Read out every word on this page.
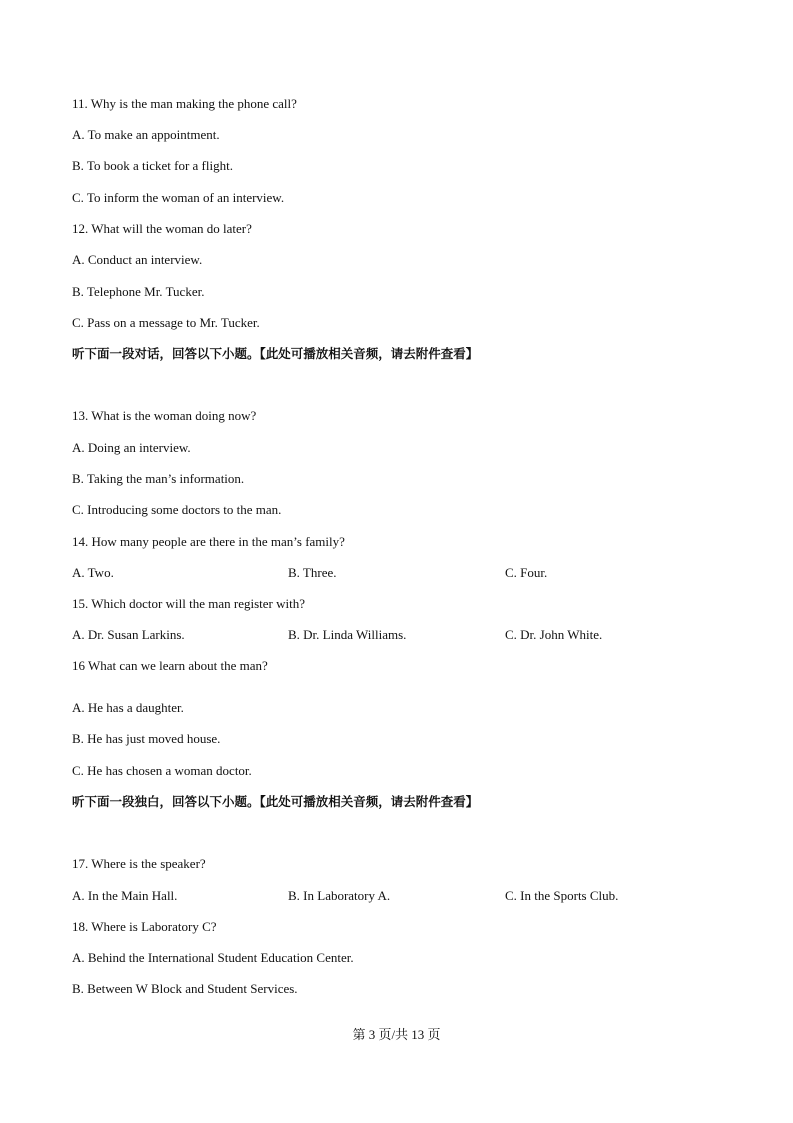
11. Why is the man making the phone call?
A. To make an appointment.
B. To book a ticket for a flight.
C. To inform the woman of an interview.
12. What will the woman do later?
A. Conduct an interview.
B. Telephone Mr. Tucker.
C. Pass on a message to Mr. Tucker.
听下面一段对话，回答以下小题。【此处可播放相关音频，请去附件查看】
13. What is the woman doing now?
A. Doing an interview.
B. Taking the man’s information.
C. Introducing some doctors to the man.
14. How many people are there in the man’s family?
A. Two.	B. Three.	C. Four.
15. Which doctor will the man register with?
A. Dr. Susan Larkins.	B. Dr. Linda Williams.	C. Dr. John White.
16 What can we learn about the man?
A. He has a daughter.
B. He has just moved house.
C. He has chosen a woman doctor.
听下面一段独白，回答以下小题。【此处可播放相关音频，请去附件查看】
17. Where is the speaker?
A. In the Main Hall.	B. In Laboratory A.	C. In the Sports Club.
18. Where is Laboratory C?
A. Behind the International Student Education Center.
B. Between W Block and Student Services.
第 3 页/共 13 页
